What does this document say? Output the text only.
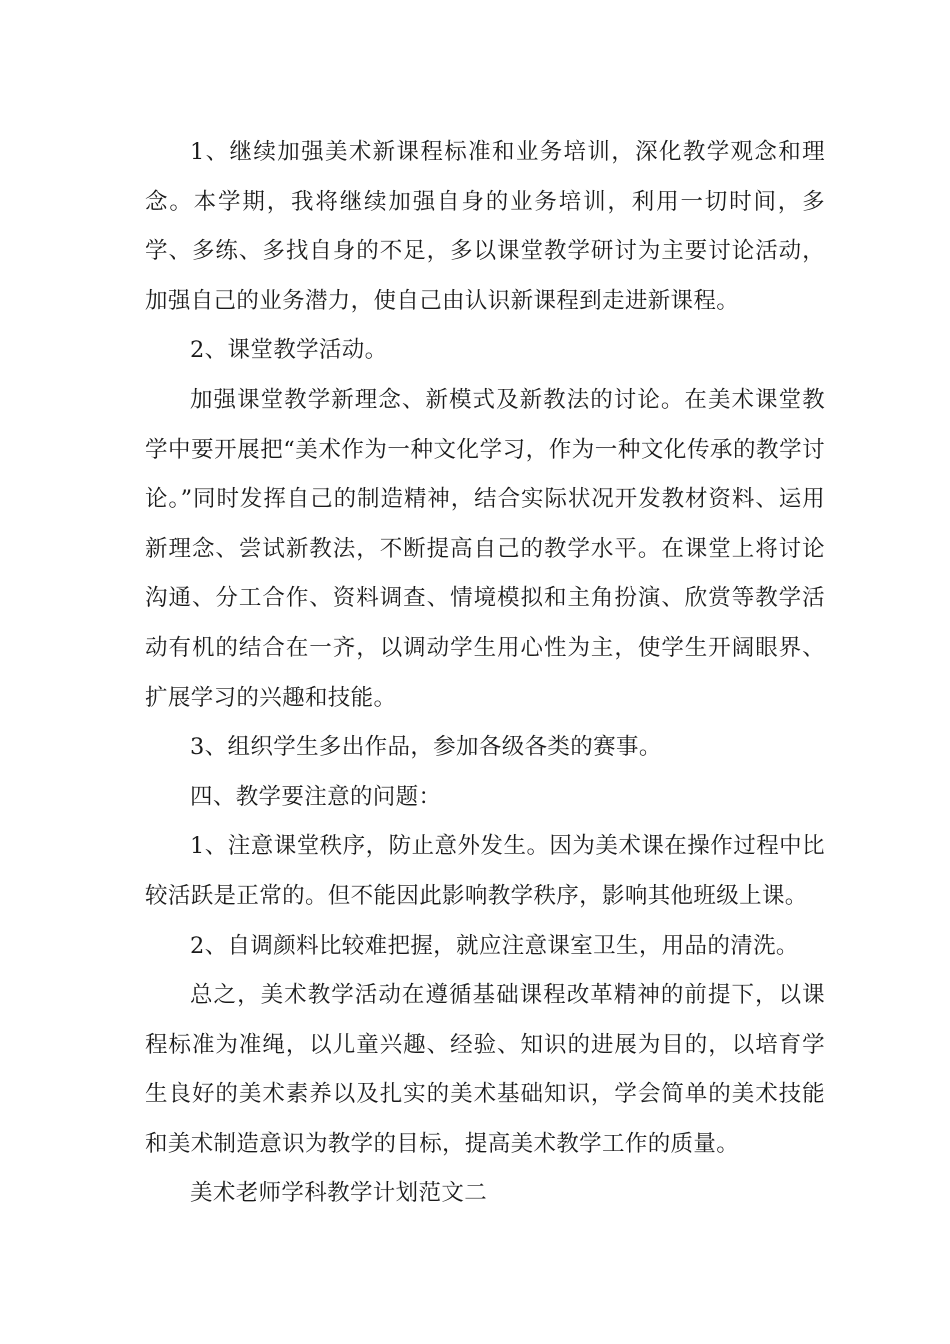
1、继续加强美术新课程标准和业务培训，深化教学观念和理念。本学期，我将继续加强自身的业务培训，利用一切时间，多学、多练、多找自身的不足，多以课堂教学研讨为主要讨论活动，加强自己的业务潜力，使自己由认识新课程到走进新课程。

2、课堂教学活动。

加强课堂教学新理念、新模式及新教法的讨论。在美术课堂教学中要开展把“美术作为一种文化学习，作为一种文化传承的教学讨论。”同时发挥自己的制造精神，结合实际状况开发教材资料、运用新理念、尝试新教法，不断提高自己的教学水平。在课堂上将讨论沟通、分工合作、资料调查、情境模拟和主角扮演、欣赏等教学活动有机的结合在一齐，以调动学生用心性为主，使学生开阔眼界、扩展学习的兴趣和技能。

3、组织学生多出作品，参加各级各类的赛事。

四、教学要注意的问题：

1、注意课堂秩序，防止意外发生。因为美术课在操作过程中比较活跃是正常的。但不能因此影响教学秩序，影响其他班级上课。

2、自调颜料比较难把握，就应注意课室卫生，用品的清洗。

总之，美术教学活动在遵循基础课程改革精神的前提下，以课程标准为准绳，以儿童兴趣、经验、知识的进展为目的，以培育学生良好的美术素养以及扎实的美术基础知识，学会简单的美术技能和美术制造意识为教学的目标，提高美术教学工作的质量。

美术老师学科教学计划范文二
